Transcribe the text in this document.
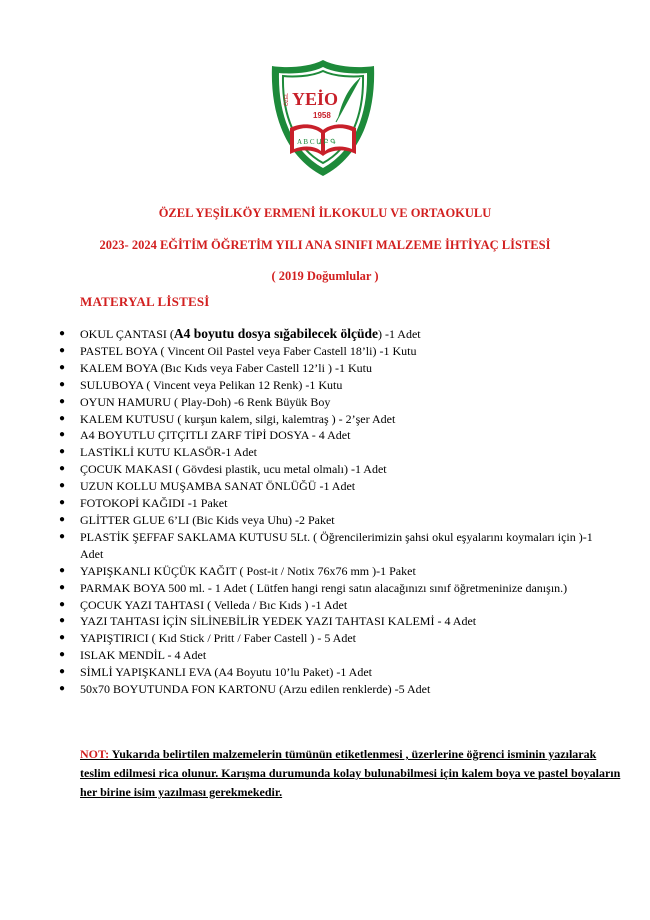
ÖZEL YEİO
1958
A B C Ա Բ Գ
ÖZEL YEŞİLKÖY ERMENİ İLKOKULU VE ORTAOKULU
2023- 2024 EĞİTİM ÖĞRETİM YILI ANA SINIFI MALZEME İHTİYAÇ LİSTESİ
( 2019 Doğumlular )
MATERYAL LİSTESİ
● OKUL ÇANTASI (A4 boyutu dosya sığabilecek ölçüde) -1 Adet
● PASTEL BOYA ( Vincent Oil Pastel veya Faber Castell 18’li) -1 Kutu
● KALEM BOYA (Bıc Kıds veya Faber Castell 12’li ) -1 Kutu
● SULUBOYA ( Vincent veya Pelikan 12 Renk) -1 Kutu
● OYUN HAMURU ( Play-Doh) -6 Renk Büyük Boy
● KALEM KUTUSU ( kurşun kalem, silgi, kalemtraş ) - 2’şer Adet
● A4 BOYUTLU ÇITÇITLI ZARF TİPİ DOSYA - 4 Adet
● LASTİKLİ KUTU KLASÖR-1 Adet
● ÇOCUK MAKASI ( Gövdesi plastik, ucu metal olmalı) -1 Adet
● UZUN KOLLU MUŞAMBA SANAT ÖNLÜĞÜ -1 Adet
● FOTOKOPİ KAĞIDI -1 Paket
● GLİTTER GLUE 6’LI (Bic Kids veya Uhu) -2 Paket
● PLASTİK ŞEFFAF SAKLAMA KUTUSU 5Lt. ( Öğrencilerimizin şahsi okul eşyalarını koymaları için )-1 Adet
● YAPIŞKANLI KÜÇÜK KAĞIT ( Post-it / Notix 76x76 mm )-1 Paket
● PARMAK BOYA 500 ml. - 1 Adet ( Lütfen hangi rengi satın alacağınızı sınıf öğretmeninize danışın.)
● ÇOCUK YAZI TAHTASI ( Velleda / Bıc Kıds ) -1 Adet
● YAZI TAHTASI İÇİN SİLİNEBİLİR YEDEK YAZI TAHTASI KALEMİ - 4 Adet
● YAPIŞTIRICI ( Kıd Stick / Pritt / Faber Castell ) - 5 Adet
● ISLAK MENDİL - 4 Adet
● SİMLİ YAPIŞKANLI EVA (A4 Boyutu 10’lu Paket) -1 Adet
● 50x70 BOYUTUNDA FON KARTONU (Arzu edilen renklerde) -5 Adet
NOT: Yukarıda belirtilen malzemelerin tümünün etiketlenmesi , üzerlerine öğrenci isminin yazılarak teslim edilmesi rica olunur. Karışma durumunda kolay bulunabilmesi için kalem boya ve pastel boyaların her birine isim yazılması gerekmekedir.
